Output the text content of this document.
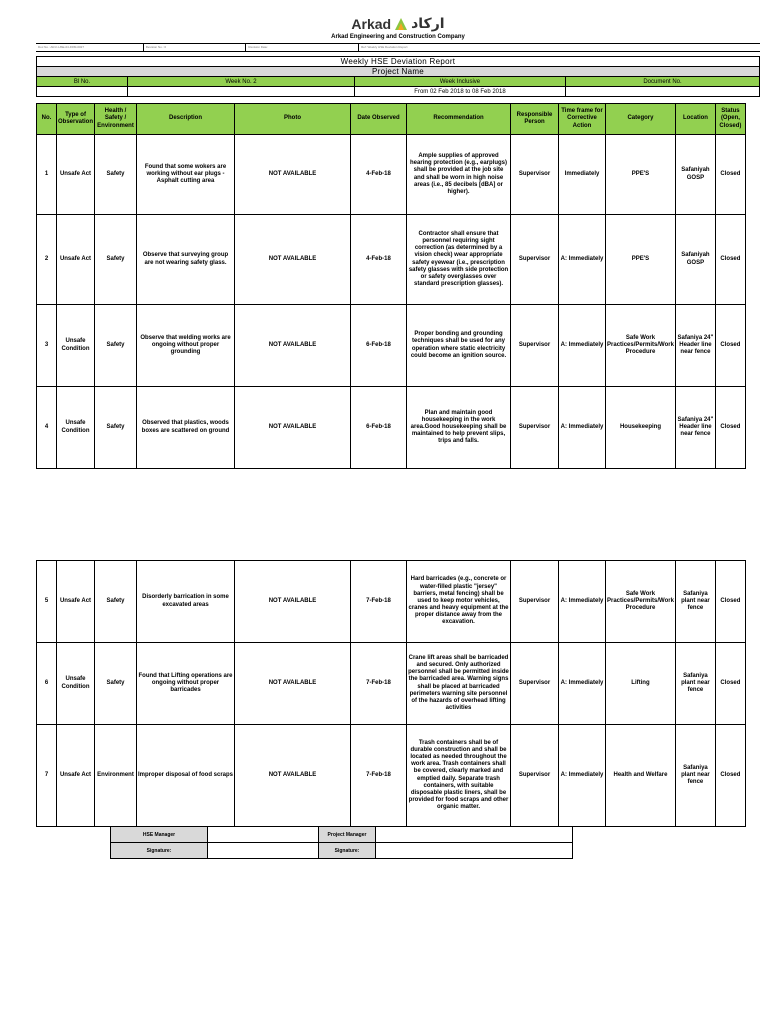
Arkad اركاد
Arkad Engineering and Construction Company
Doc No.: AR-F-HSE-04-FRM-0027	Revision No.: 0	Revision Date:	Ref: Weekly HSE Deviation Report
Weekly HSE Deviation Report			
Project Name			
Bl No.	Week No. 2	Week Inclusive	Document No.
		From 02 Feb 2018 to 08 Feb 2018	
No.	Type of Observation	Health / Safety / Environment	Description	Photo	Date Observed	Recommendation	Responsible Person	Time frame for Corrective Action	Category	Location	Status (Open, Closed)
1	Unsafe Act	Safety	Found that some wokers are working without ear plugs - Asphalt cutting area	NOT AVAILABLE	4-Feb-18	Ample supplies of approved hearing protection (e.g., earplugs) shall be provided at the job site and shall be worn in high noise areas (i.e., 85 decibels [dBA] or higher).	Supervisor	Immediately	PPE'S	Safaniyah GOSP	Closed
2	Unsafe Act	Safety	Observe that surveying group are not wearing safety glass.	NOT AVAILABLE	4-Feb-18	Contractor shall ensure that personnel requiring sight correction (as determined by a vision check) wear appropriate safety eyewear (i.e., prescription safety glasses with side protection or safety overglasses over standard prescription glasses).	Supervisor	A: Immediately	PPE'S	Safaniyah GOSP	Closed
3	Unsafe Condition	Safety	Observe that welding works are ongoing without proper grounding	NOT AVAILABLE	6-Feb-18	Proper bonding and grounding techniques shall be used for any operation where static electricity could become an ignition source.	Supervisor	A: Immediately	Safe Work Practices/Permits/Work Procedure	Safaniya 24" Header line near fence	Closed
4	Unsafe Condition	Safety	Observed that plastics, woods boxes are scattered on ground	NOT AVAILABLE	6-Feb-18	Plan and maintain good housekeeping in the work area.Good housekeeping shall be maintained to help prevent slips, trips and falls.	Supervisor	A: Immediately	Housekeeping	Safaniya 24" Header line near fence	Closed
5	Unsafe Act	Safety	Disorderly barrication in some excavated areas	NOT AVAILABLE	7-Feb-18	Hard barricades (e.g., concrete or water-filled plastic "jersey" barriers, metal fencing) shall be used to keep motor vehicles, cranes and heavy equipment at the proper distance away from the excavation.	Supervisor	A: Immediately	Safe Work Practices/Permits/Work Procedure	Safaniya plant near fence	Closed
6	Unsafe Condition	Safety	Found that Lifting operations are ongoing without proper barricades	NOT AVAILABLE	7-Feb-18	Crane lift areas shall be barricaded and secured. Only authorized personnel shall be permitted inside the barricaded area. Warning signs shall be placed at barricaded perimeters warning site personnel of the hazards of overhead lifting activities	Supervisor	A: Immediately	Lifting	Safaniya plant near fence	Closed
7	Unsafe Act	Environment	Improper disposal of food scraps	NOT AVAILABLE	7-Feb-18	Trash containers shall be of durable construction and shall be located as needed throughout the work area. Trash containers shall be covered, clearly marked and emptied daily. Separate trash containers, with suitable disposable plastic liners, shall be provided for food scraps and other organic matter.	Supervisor	A: Immediately	Health and Welfare	Safaniya plant near fence	Closed
HSE Manager		Project Manager	
Signature:		Signature:	
